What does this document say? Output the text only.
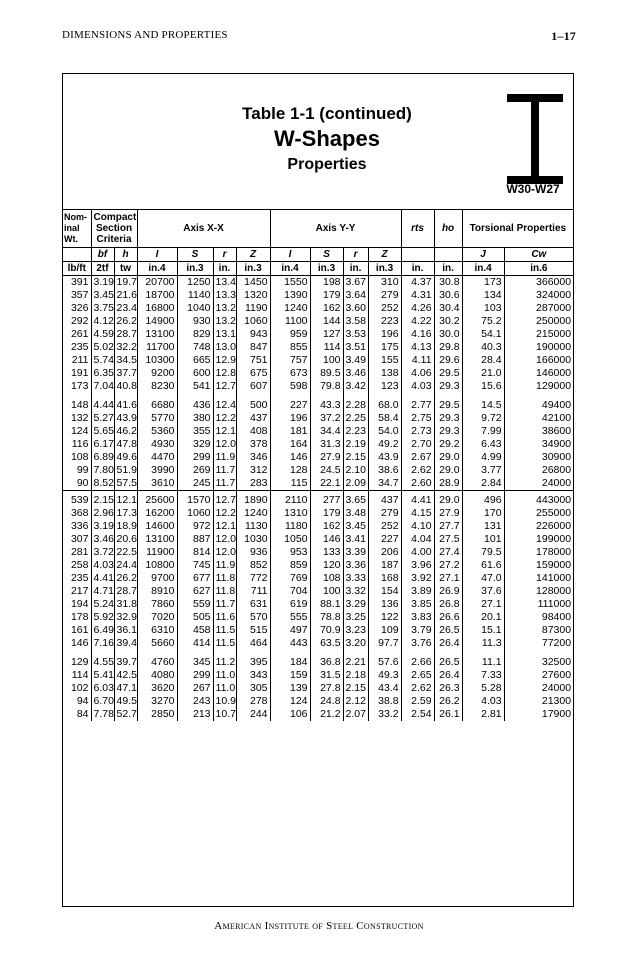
DIMENSIONS AND PROPERTIES	1–17
Table 1-1 (continued)
W-Shapes
Properties
W30-W27
Nom-inal Wt.	Compact Section Criteria		Axis X-X				Axis Y-Y				rts	ho	Torsional Properties	
	bf	h	I	S	r	Z	I	S	r	Z			J	Cw
lb/ft	2tf	tw	in.4	in.3	in.	in.3	in.4	in.3	in.	in.3	in.	in.	in.4	in.6
391	3.19	19.7	20700	1250	13.4	1450	1550	198	3.67	310	4.37	30.8	173	366000
357	3.45	21.6	18700	1140	13.3	1320	1390	179	3.64	279	4.31	30.6	134	324000
326	3.75	23.4	16800	1040	13.2	1190	1240	162	3.60	252	4.26	30.4	103	287000
292	4.12	26.2	14900	930	13.2	1060	1100	144	3.58	223	4.22	30.2	75.2	250000
261	4.59	28.7	13100	829	13.1	943	959	127	3.53	196	4.16	30.0	54.1	215000
235	5.02	32.2	11700	748	13.0	847	855	114	3.51	175	4.13	29.8	40.3	190000
211	5.74	34.5	10300	665	12.9	751	757	100	3.49	155	4.11	29.6	28.4	166000
191	6.35	37.7	9200	600	12.8	675	673	89.5	3.46	138	4.06	29.5	21.0	146000
173	7.04	40.8	8230	541	12.7	607	598	79.8	3.42	123	4.03	29.3	15.6	129000
148	4.44	41.6	6680	436	12.4	500	227	43.3	2.28	68.0	2.77	29.5	14.5	49400
132	5.27	43.9	5770	380	12.2	437	196	37.2	2.25	58.4	2.75	29.3	9.72	42100
124	5.65	46.2	5360	355	12.1	408	181	34.4	2.23	54.0	2.73	29.3	7.99	38600
116	6.17	47.8	4930	329	12.0	378	164	31.3	2.19	49.2	2.70	29.2	6.43	34900
108	6.89	49.6	4470	299	11.9	346	146	27.9	2.15	43.9	2.67	29.0	4.99	30900
99	7.80	51.9	3990	269	11.7	312	128	24.5	2.10	38.6	2.62	29.0	3.77	26800
90	8.52	57.5	3610	245	11.7	283	115	22.1	2.09	34.7	2.60	28.9	2.84	24000
539	2.15	12.1	25600	1570	12.7	1890	2110	277	3.65	437	4.41	29.0	496	443000
368	2.96	17.3	16200	1060	12.2	1240	1310	179	3.48	279	4.15	27.9	170	255000
336	3.19	18.9	14600	972	12.1	1130	1180	162	3.45	252	4.10	27.7	131	226000
307	3.46	20.6	13100	887	12.0	1030	1050	146	3.41	227	4.04	27.5	101	199000
281	3.72	22.5	11900	814	12.0	936	953	133	3.39	206	4.00	27.4	79.5	178000
258	4.03	24.4	10800	745	11.9	852	859	120	3.36	187	3.96	27.2	61.6	159000
235	4.41	26.2	9700	677	11.8	772	769	108	3.33	168	3.92	27.1	47.0	141000
217	4.71	28.7	8910	627	11.8	711	704	100	3.32	154	3.89	26.9	37.6	128000
194	5.24	31.8	7860	559	11.7	631	619	88.1	3.29	136	3.85	26.8	27.1	111000
178	5.92	32.9	7020	505	11.6	570	555	78.8	3.25	122	3.83	26.6	20.1	98400
161	6.49	36.1	6310	458	11.5	515	497	70.9	3.23	109	3.79	26.5	15.1	87300
146	7.16	39.4	5660	414	11.5	464	443	63.5	3.20	97.7	3.76	26.4	11.3	77200
129	4.55	39.7	4760	345	11.2	395	184	36.8	2.21	57.6	2.66	26.5	11.1	32500
114	5.41	42.5	4080	299	11.0	343	159	31.5	2.18	49.3	2.65	26.4	7.33	27600
102	6.03	47.1	3620	267	11.0	305	139	27.8	2.15	43.4	2.62	26.3	5.28	24000
94	6.70	49.5	3270	243	10.9	278	124	24.8	2.12	38.8	2.59	26.2	4.03	21300
84	7.78	52.7	2850	213	10.7	244	106	21.2	2.07	33.2	2.54	26.1	2.81	17900
American Institute of Steel Construction
